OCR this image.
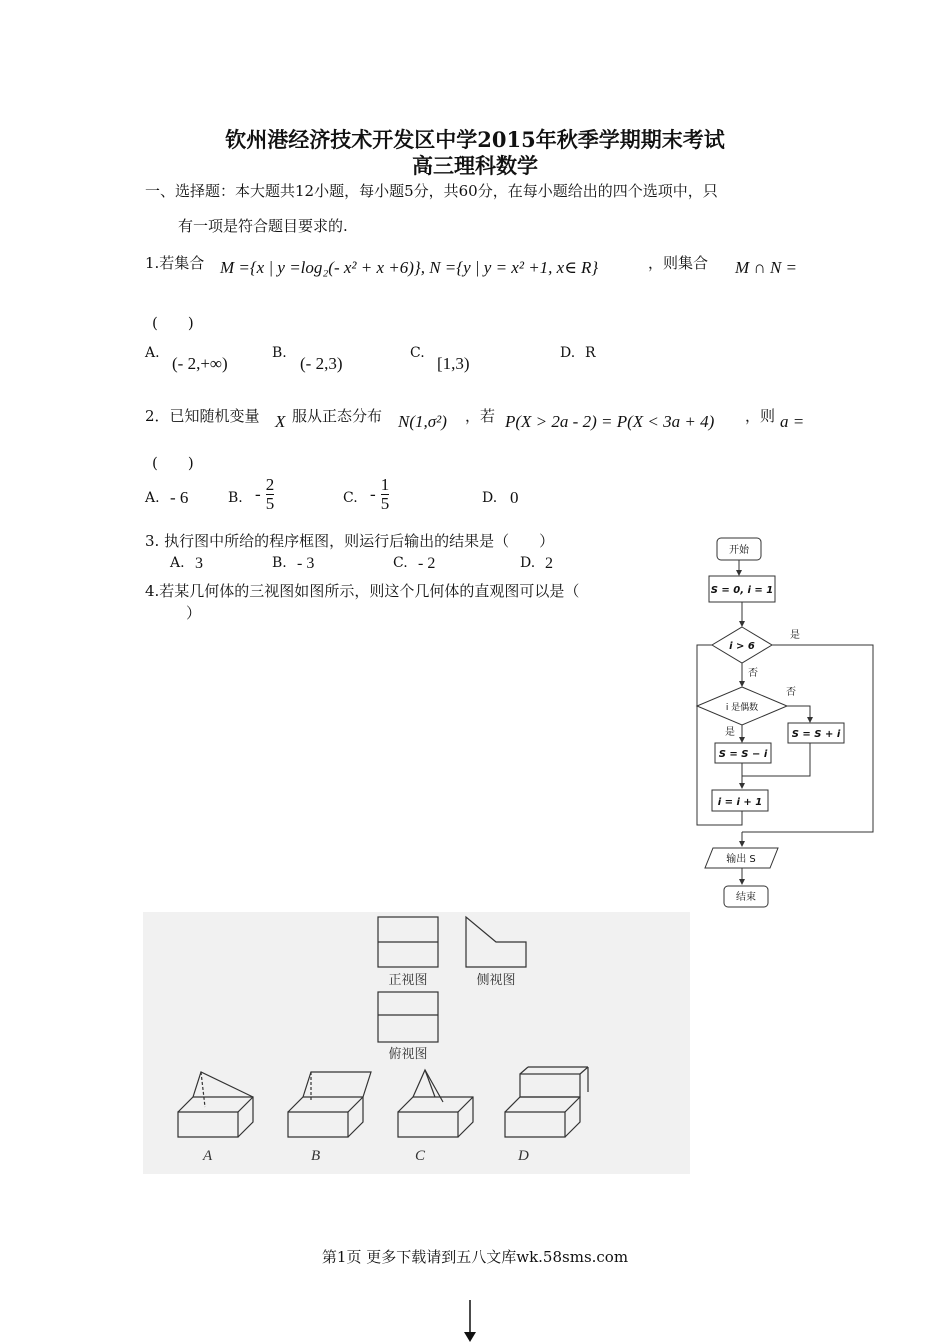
钦州港经济技术开发区中学2015年秋季学期期末考试
高三理科数学
一、选择题：本大题共12小题，每小题5分，共60分，在每小题给出的四个选项中，只
有一项是符合题目要求的.
1.若集合 M ={x | y =log₂(- x² + x +6)}, N ={y | y = x² +1, x∈ R}	，则集合 M ∩ N =
(　　)
A.
(- 2,+∞)
B.
(- 2,3)
C.
[1,3)
D. R
2．已知随机变量 X 服从正态分布 N(1,σ²) ，若 P(X > 2a - 2) = P(X < 3a + 4) ，则 a =
(　　)
A. - 6	B. - $\frac{2}{5}$	C. - $\frac{1}{5}$	D. 0
3. 执行图中所给的程序框图，则运行后输出的结果是（　　）
A. 3	B. - 3	C. - 2	D. 2
4.若某几何体的三视图如图所示，则这个几何体的直观图可以是（
）
开始
S = 0, i = 1
i > 6
是
否
i 是偶数
否
是
S = S − i
S = S + i
i = i + 1
输出 S
结束
正视图	侧视图
俯视图
A	B	C	D
第1页 更多下载请到五八文库wk.58sms.com
